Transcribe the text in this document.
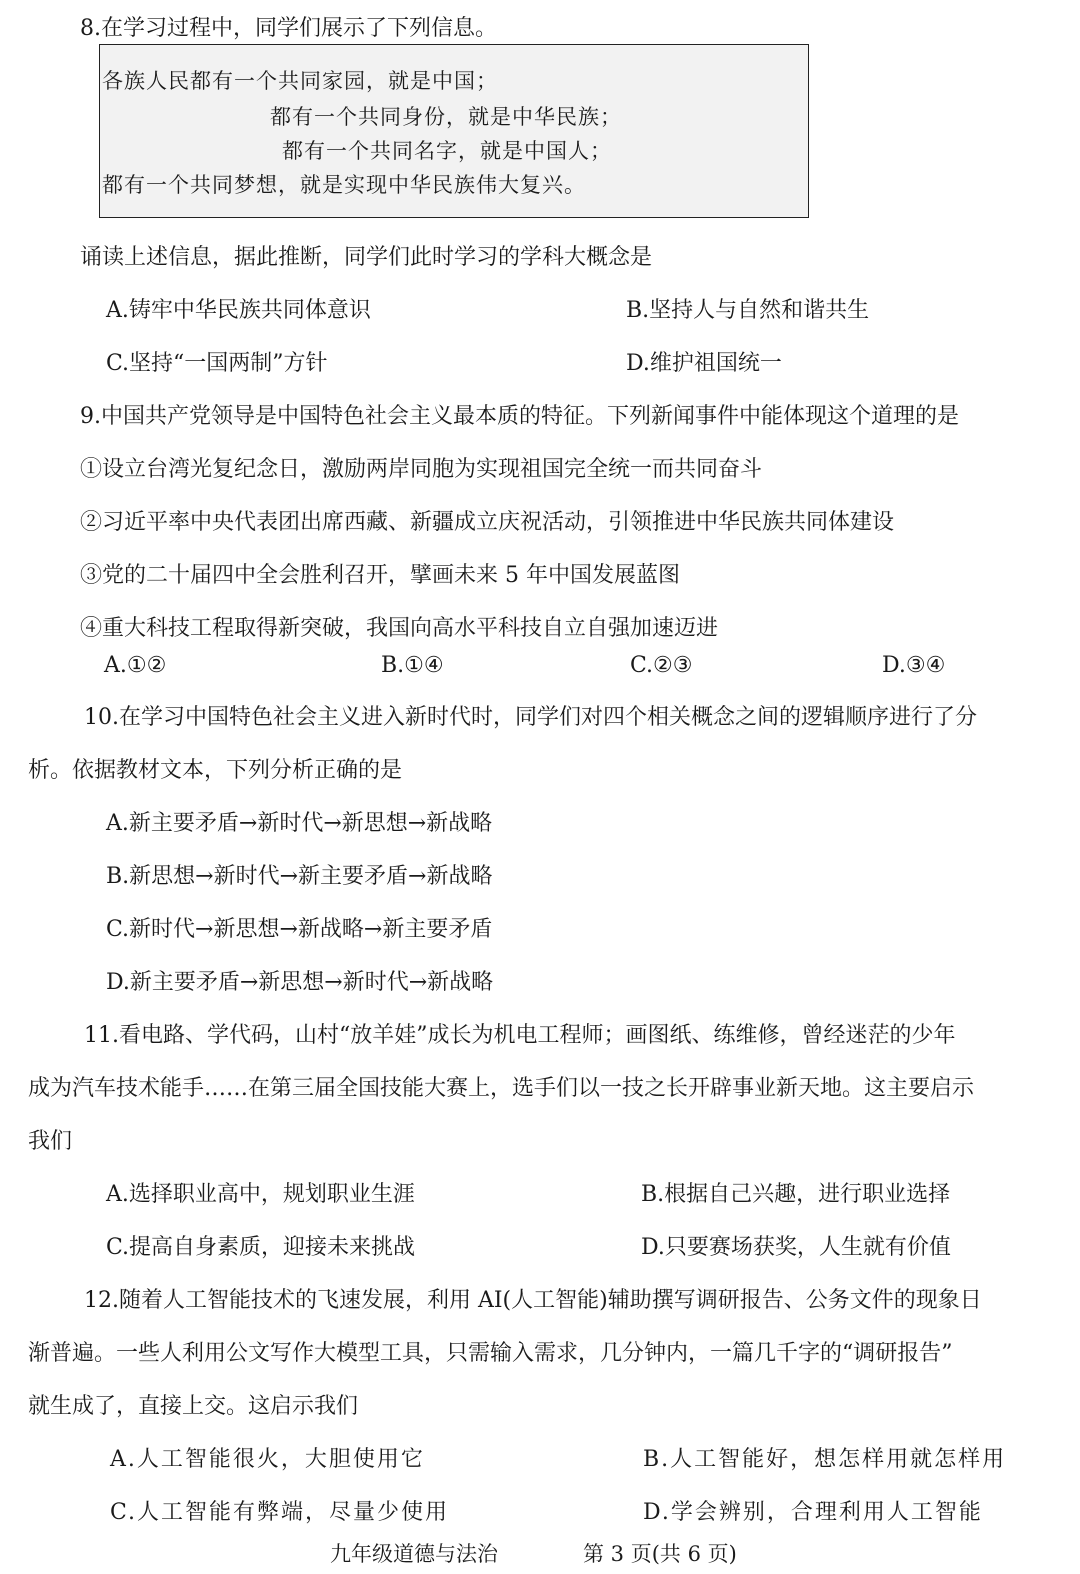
8.在学习过程中，同学们展示了下列信息。
各族人民都有一个共同家园，就是中国；
都有一个共同身份，就是中华民族；
都有一个共同名字，就是中国人；
都有一个共同梦想，就是实现中华民族伟大复兴。
诵读上述信息，据此推断，同学们此时学习的学科大概念是
A.铸牢中华民族共同体意识	B.坚持人与自然和谐共生
C.坚持“一国两制”方针	D.维护祖国统一
9.中国共产党领导是中国特色社会主义最本质的特征。下列新闻事件中能体现这个道理的是
①设立台湾光复纪念日，激励两岸同胞为实现祖国完全统一而共同奋斗
②习近平率中央代表团出席西藏、新疆成立庆祝活动，引领推进中华民族共同体建设
③党的二十届四中全会胜利召开，擘画未来 5 年中国发展蓝图
④重大科技工程取得新突破，我国向高水平科技自立自强加速迈进
A.①②	B.①④	C.②③	D.③④
10.在学习中国特色社会主义进入新时代时，同学们对四个相关概念之间的逻辑顺序进行了分
析。依据教材文本，下列分析正确的是
A.新主要矛盾→新时代→新思想→新战略
B.新思想→新时代→新主要矛盾→新战略
C.新时代→新思想→新战略→新主要矛盾
D.新主要矛盾→新思想→新时代→新战略
11.看电路、学代码，山村“放羊娃”成长为机电工程师；画图纸、练维修，曾经迷茫的少年
成为汽车技术能手……在第三届全国技能大赛上，选手们以一技之长开辟事业新天地。这主要启示
我们
A.选择职业高中，规划职业生涯	B.根据自己兴趣，进行职业选择
C.提高自身素质，迎接未来挑战	D.只要赛场获奖，人生就有价值
12.随着人工智能技术的飞速发展，利用 AI(人工智能)辅助撰写调研报告、公务文件的现象日
渐普遍。一些人利用公文写作大模型工具，只需输入需求，几分钟内，一篇几千字的“调研报告”
就生成了，直接上交。这启示我们
A.人工智能很火，大胆使用它	B.人工智能好，想怎样用就怎样用
C.人工智能有弊端，尽量少使用	D.学会辨别，合理利用人工智能
九年级道德与法治	第 3 页(共 6 页)
